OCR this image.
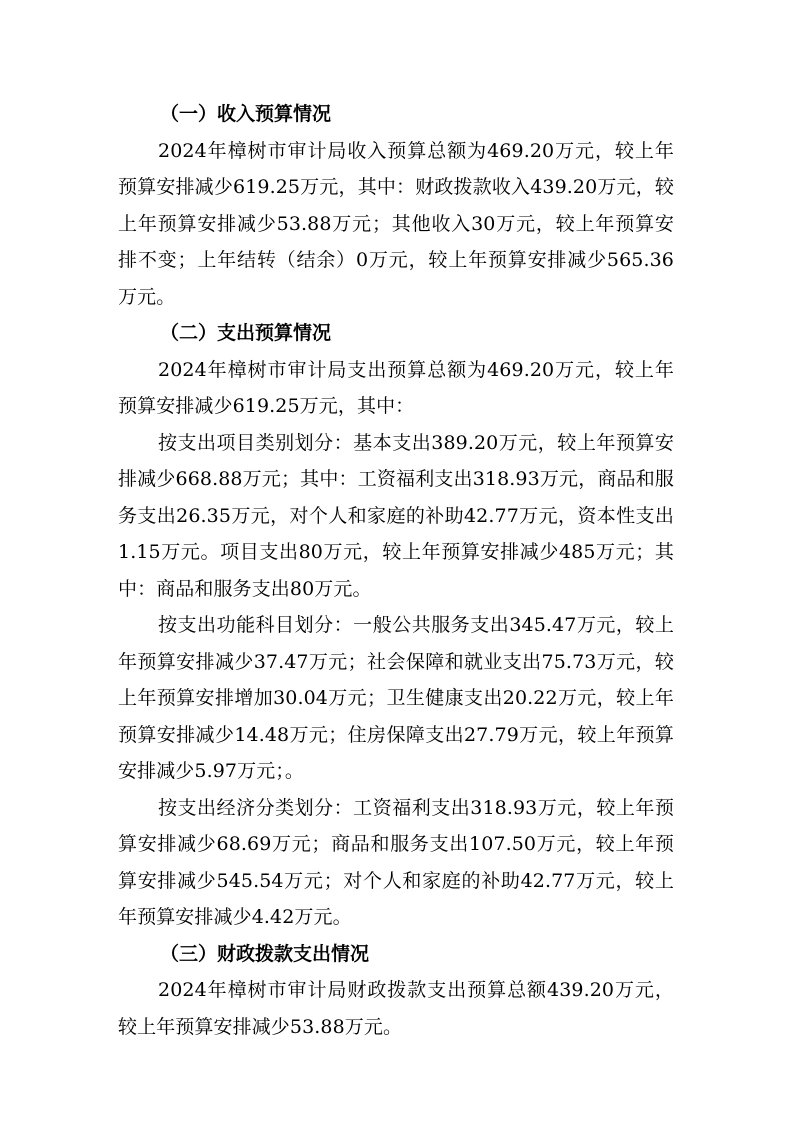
（一）收入预算情况

2024年樟树市审计局收入预算总额为469.20万元，较上年预算安排减少619.25万元，其中：财政拨款收入439.20万元，较上年预算安排减少53.88万元；其他收入30万元，较上年预算安排不变；上年结转（结余）0万元，较上年预算安排减少565.36万元。

（二）支出预算情况

2024年樟树市审计局支出预算总额为469.20万元，较上年预算安排减少619.25万元，其中：

按支出项目类别划分：基本支出389.20万元，较上年预算安排减少668.88万元；其中：工资福利支出318.93万元，商品和服务支出26.35万元，对个人和家庭的补助42.77万元，资本性支出1.15万元。项目支出80万元，较上年预算安排减少485万元；其中：商品和服务支出80万元。

按支出功能科目划分：一般公共服务支出345.47万元，较上年预算安排减少37.47万元；社会保障和就业支出75.73万元，较上年预算安排增加30.04万元；卫生健康支出20.22万元，较上年预算安排减少14.48万元；住房保障支出27.79万元，较上年预算安排减少5.97万元；。

按支出经济分类划分：工资福利支出318.93万元，较上年预算安排减少68.69万元；商品和服务支出107.50万元，较上年预算安排减少545.54万元；对个人和家庭的补助42.77万元，较上年预算安排减少4.42万元。

（三）财政拨款支出情况

2024年樟树市审计局财政拨款支出预算总额439.20万元，较上年预算安排减少53.88万元。
